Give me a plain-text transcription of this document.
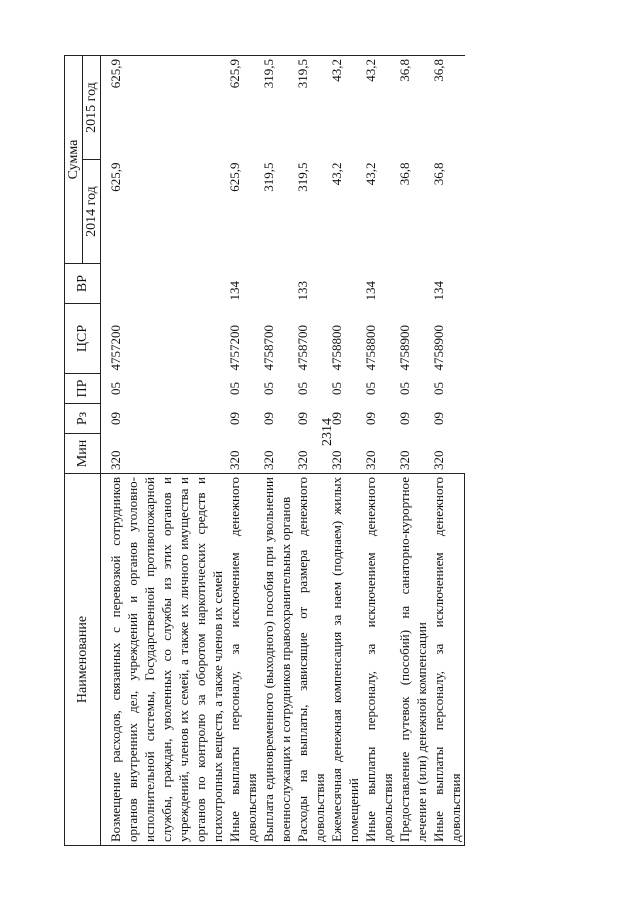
2314
Наименование	Мин	Рз	ПР	ЦСР	ВР	Сумма	
						2014 год	2015 год

Возмещение расходов, связанных с перевозкой сотрудников органов внутренних дел, учреждений и органов уголовно-исполнительной системы, Государственной противопожарной службы, граждан, уволенных со службы из этих органов и учреждений, членов их семей, а также их личного имущества и органов по контролю за оборотом наркотических средств и психотропных веществ, а также членов их семей	320	09	05	4757200		625,9	625,9
Иные выплаты персоналу, за исключением денежного довольствия	320	09	05	4757200	134	625,9	625,9
Выплата единовременного (выходного) пособия при увольнении военнослужащих и сотрудников правоохранительных органов	320	09	05	4758700		319,5	319,5
Расходы на выплаты, зависящие от размера денежного довольствия	320	09	05	4758700	133	319,5	319,5
Ежемесячная денежная компенсация за наем (поднаем) жилых помещений	320	09	05	4758800		43,2	43,2
Иные выплаты персоналу, за исключением денежного довольствия	320	09	05	4758800	134	43,2	43,2
Предоставление путевок (пособий) на санаторно-курортное лечение и (или) денежной компенсации	320	09	05	4758900		36,8	36,8
Иные выплаты персоналу, за исключением денежного довольствия	320	09	05	4758900	134	36,8	36,8
